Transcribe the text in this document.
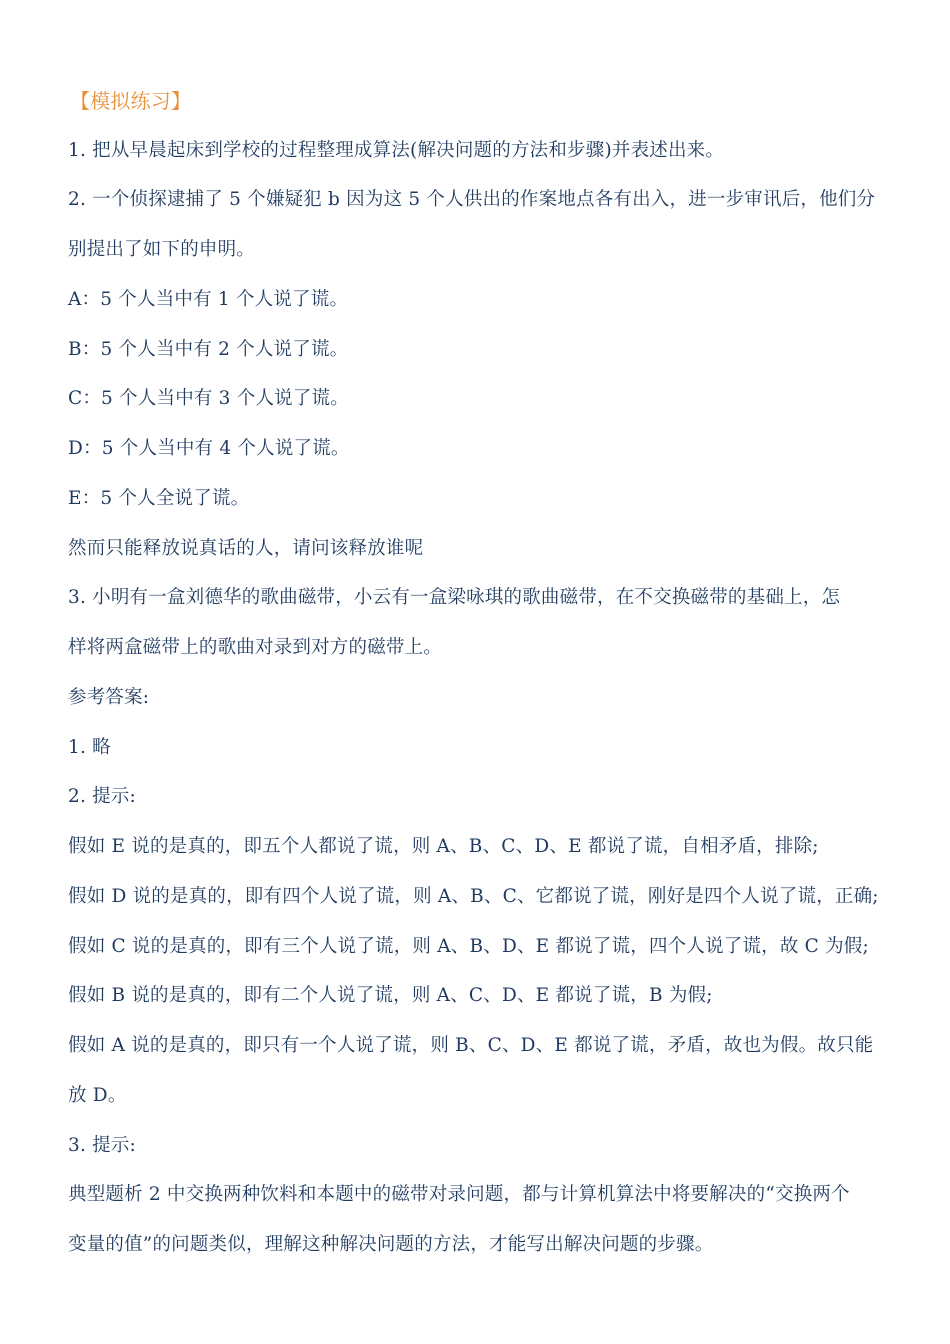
【模拟练习】
1. 把从早晨起床到学校的过程整理成算法(解决问题的方法和步骤)并表述出来。
2. 一个侦探逮捕了 5 个嫌疑犯 b 因为这 5 个人供出的作案地点各有出入，进一步审讯后，他们分
别提出了如下的申明。
A：5 个人当中有 1 个人说了谎。
B：5 个人当中有 2 个人说了谎。
C：5 个人当中有 3 个人说了谎。
D：5 个人当中有 4 个人说了谎。
E：5 个人全说了谎。
然而只能释放说真话的人，请问该释放谁呢
3. 小明有一盒刘德华的歌曲磁带，小云有一盒梁咏琪的歌曲磁带，在不交换磁带的基础上，怎
样将两盒磁带上的歌曲对录到对方的磁带上。
参考答案:
1. 略
2. 提示:
假如 E 说的是真的，即五个人都说了谎，则 A、B、C、D、E 都说了谎，自相矛盾，排除;
假如 D 说的是真的，即有四个人说了谎，则 A、B、C、它都说了谎，刚好是四个人说了谎，正确;
假如 C 说的是真的，即有三个人说了谎，则 A、B、D、E 都说了谎，四个人说了谎，故 C 为假;
假如 B 说的是真的，即有二个人说了谎，则 A、C、D、E 都说了谎，B 为假;
假如 A 说的是真的，即只有一个人说了谎，则 B、C、D、E 都说了谎，矛盾，故也为假。故只能
放 D。
3. 提示:
典型题析 2 中交换两种饮料和本题中的磁带对录问题，都与计算机算法中将要解决的“交换两个
变量的值”的问题类似，理解这种解决问题的方法，才能写出解决问题的步骤。
